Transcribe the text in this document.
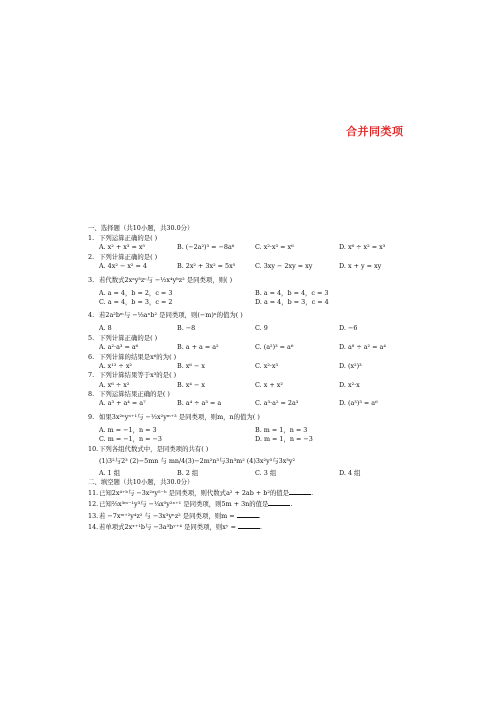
合并同类项
一、选择题（共10小题，共30.0分）
1. 下列运算正确的是( )
A. x² + x³ = x⁵	B. (−2a²)³ = −8a⁶	C. x²·x³ = x⁶	D. x⁶ ÷ x² = x³
2. 下列计算正确的是( )
A. 4x² − x² = 4	B. 2x² + 3x² = 5x⁵	C. 3xy − 2xy = xy	D. x + y = xy
3. 若代数式2xᵃy³zᶜ与 −½x⁴yᵇz² 是同类项，则( )
A. a = 4，b = 2，c = 3	B. a = 4，b = 4，c = 3
C. a = 4，b = 3，c = 2	D. a = 4，b = 3，c = 4
4. 若2a²bᵐ与 −⅓aⁿb² 是同类项，则(−m)ⁿ的值为( )
A. 8	B. −8	C. 9	D. −6
5. 下列计算正确的是( )
A. a²·a³ = a⁶	B. a + a = a²	C. (a²)³ = a⁶	D. a⁸ ÷ a² = a⁴
6. 下列计算的结果是x⁶的为( )
A. x¹² ÷ x²	B. x⁶ − x	C. x²·x³	D. (x²)³
7. 下列计算结果等于x³的是( )
A. x⁶ ÷ x²	B. x⁴ − x	C. x + x²	D. x²·x
8. 下列运算结果正确的是( )
A. a³ + a⁴ = a⁷	B. a⁴ ÷ a³ = a	C. a³·a² = 2a³	D. (a³)³ = a⁶
9. 如果3x²ⁿyⁿ⁺¹与 −½x²yᵐ⁺³ 是同类项，则m，n的值为( )
A. m = −1，n = 3	B. m = 1，n = 3
C. m = −1，n = −3	D. m = 1，n = −3
10.下列各组代数式中，是同类项的共有( )
(1)3²与2³ (2)−5mn 与 mn/4(3)−2m²n³与3n³m² (4)3x²y³与3x³y²
A. 1 组	B. 2 组	C. 3 组	D. 4 组
二、填空题（共10小题，共30.0分）
11.已知2x⁴⁺ᵇ与 −3x²ᵃy⁵⁻ᵇ 是同类项，则代数式a² + 2ab + b²的值是	.
12.已知⅔x³ᵐ⁻¹y³与 −¼x⁵y²ⁿ⁺¹ 是同类项，则5m + 3n的值是	.
13.若 −7xᵐ⁺²y⁴z² 与 −3x³yⁿz² 是同类项，则m =	.
14.若单项式2xˣ⁺¹b与 −3a³bʸ⁺⁴ 是同类项，则xʸ =	.
